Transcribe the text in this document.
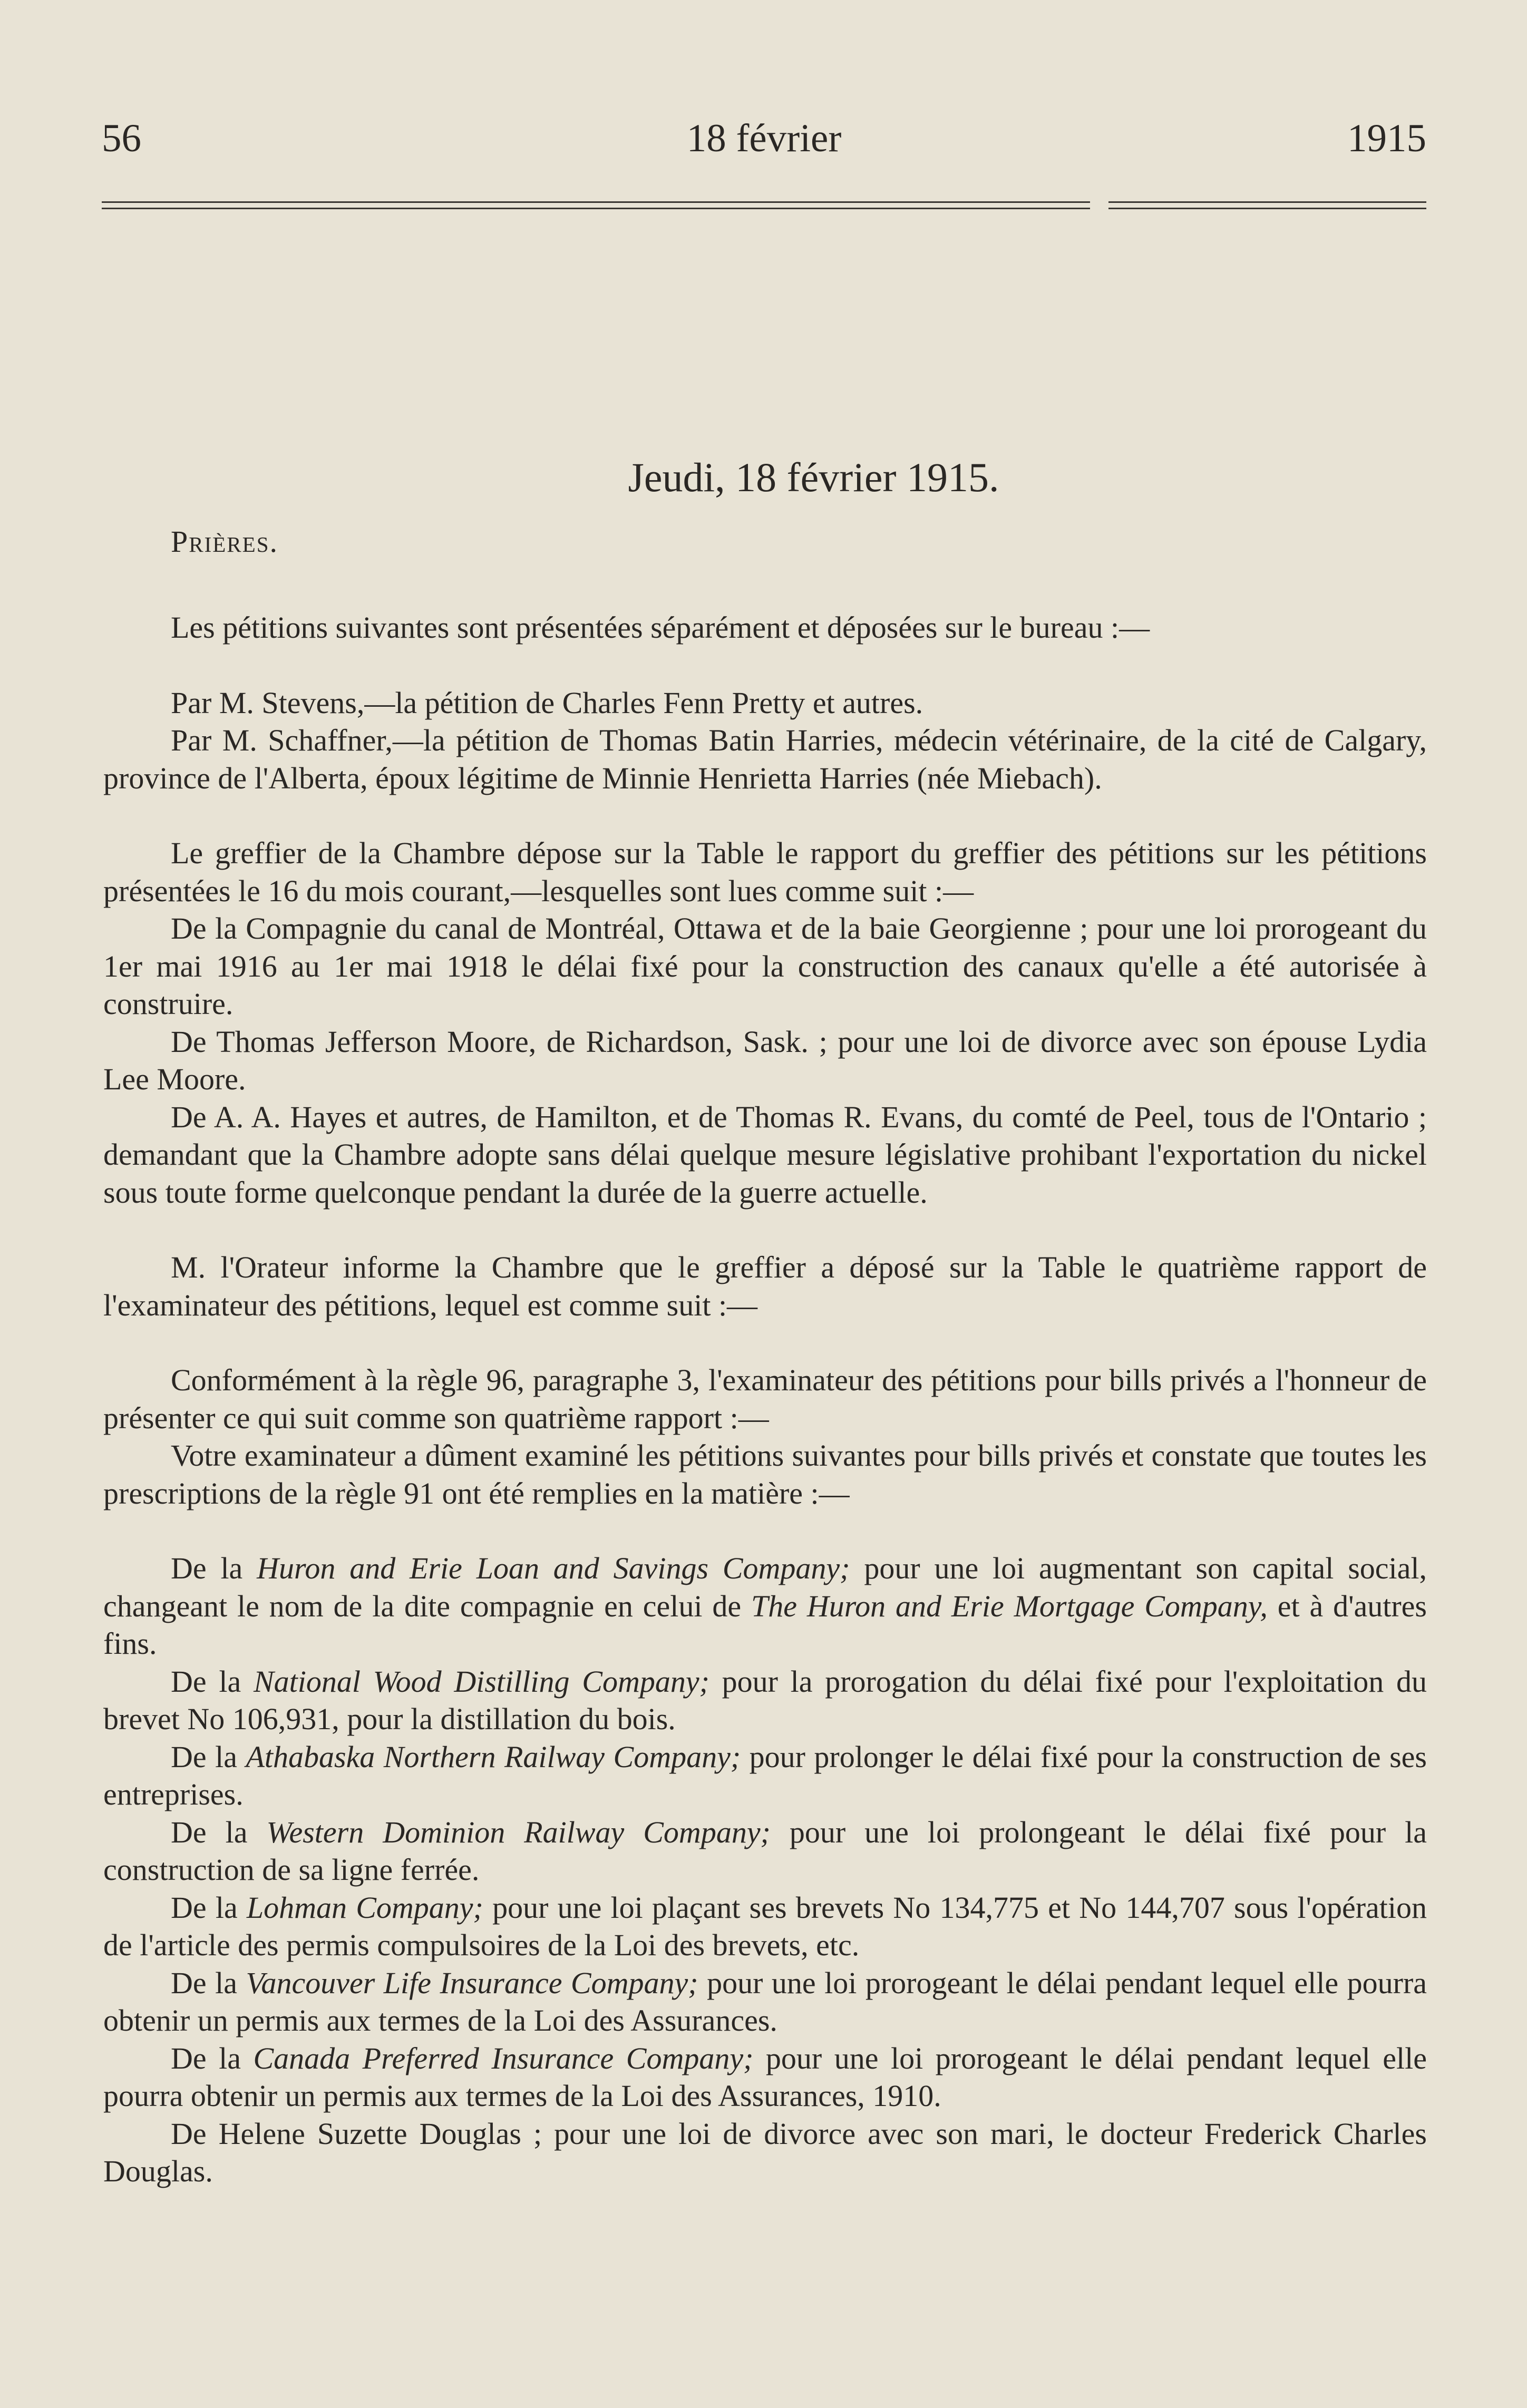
56	18 février	1915
Jeudi, 18 février 1915.
Prières.

Les pétitions suivantes sont présentées séparément et déposées sur le bureau :—

Par M. Stevens,—la pétition de Charles Fenn Pretty et autres.

Par M. Schaffner,—la pétition de Thomas Batin Harries, médecin vétérinaire, de la cité de Calgary, province de l'Alberta, époux légitime de Minnie Henrietta Harries (née Miebach).

Le greffier de la Chambre dépose sur la Table le rapport du greffier des pétitions sur les pétitions présentées le 16 du mois courant,—lesquelles sont lues comme suit :—

De la Compagnie du canal de Montréal, Ottawa et de la baie Georgienne ; pour une loi prorogeant du 1er mai 1916 au 1er mai 1918 le délai fixé pour la construction des canaux qu'elle a été autorisée à construire.

De Thomas Jefferson Moore, de Richardson, Sask. ; pour une loi de divorce avec son épouse Lydia Lee Moore.

De A. A. Hayes et autres, de Hamilton, et de Thomas R. Evans, du comté de Peel, tous de l'Ontario ; demandant que la Chambre adopte sans délai quelque mesure législative prohibant l'exportation du nickel sous toute forme quelconque pendant la durée de la guerre actuelle.

M. l'Orateur informe la Chambre que le greffier a déposé sur la Table le quatrième rapport de l'examinateur des pétitions, lequel est comme suit :—

Conformément à la règle 96, paragraphe 3, l'examinateur des pétitions pour bills privés a l'honneur de présenter ce qui suit comme son quatrième rapport :—

Votre examinateur a dûment examiné les pétitions suivantes pour bills privés et constate que toutes les prescriptions de la règle 91 ont été remplies en la matière :—

De la Huron and Erie Loan and Savings Company; pour une loi augmentant son capital social, changeant le nom de la dite compagnie en celui de The Huron and Erie Mortgage Company, et à d'autres fins.

De la National Wood Distilling Company; pour la prorogation du délai fixé pour l'exploitation du brevet No 106,931, pour la distillation du bois.

De la Athabaska Northern Railway Company; pour prolonger le délai fixé pour la construction de ses entreprises.

De la Western Dominion Railway Company; pour une loi prolongeant le délai fixé pour la construction de sa ligne ferrée.

De la Lohman Company; pour une loi plaçant ses brevets No 134,775 et No 144,707 sous l'opération de l'article des permis compulsoires de la Loi des brevets, etc.

De la Vancouver Life Insurance Company; pour une loi prorogeant le délai pendant lequel elle pourra obtenir un permis aux termes de la Loi des Assurances.

De la Canada Preferred Insurance Company; pour une loi prorogeant le délai pendant lequel elle pourra obtenir un permis aux termes de la Loi des Assurances, 1910.

De Helene Suzette Douglas ; pour une loi de divorce avec son mari, le docteur Frederick Charles Douglas.
